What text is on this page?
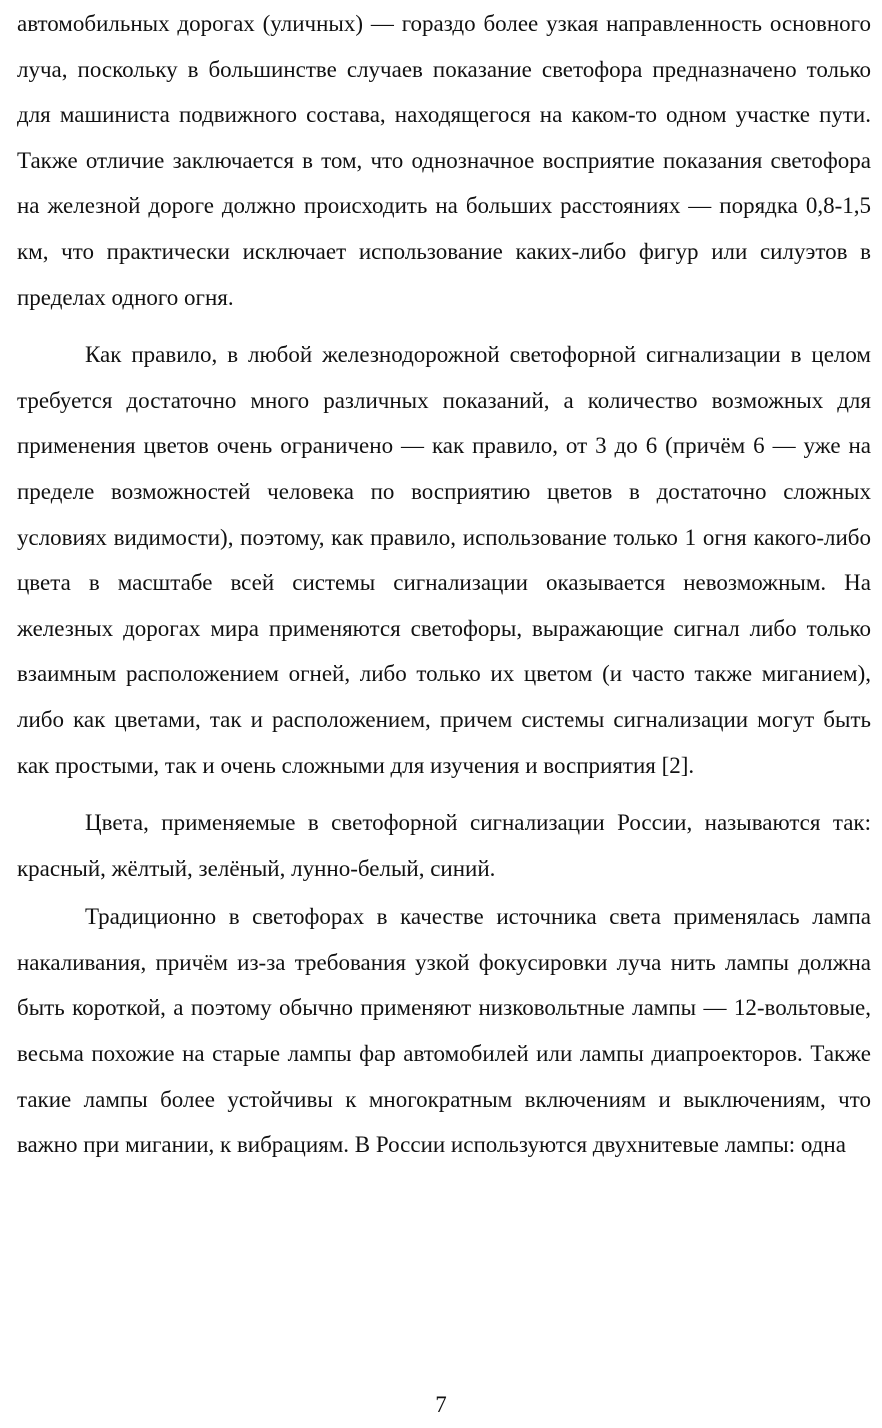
автомобильных дорогах (уличных) — гораздо более узкая направленность основного луча, поскольку в большинстве случаев показание светофора предназначено только для машиниста подвижного состава, находящегося на каком-то одном участке пути. Также отличие заключается в том, что однозначное восприятие показания светофора на железной дороге должно происходить на больших расстояниях — порядка 0,8-1,5 км, что практически исключает использование каких-либо фигур или силуэтов в пределах одного огня.

Как правило, в любой железнодорожной светофорной сигнализации в целом требуется достаточно много различных показаний, а количество возможных для применения цветов очень ограничено — как правило, от 3 до 6 (причём 6 — уже на пределе возможностей человека по восприятию цветов в достаточно сложных условиях видимости), поэтому, как правило, использование только 1 огня какого-либо цвета в масштабе всей системы сигнализации оказывается невозможным. На железных дорогах мира применяются светофоры, выражающие сигнал либо только взаимным расположением огней, либо только их цветом (и часто также миганием), либо как цветами, так и расположением, причем системы сигнализации могут быть как простыми, так и очень сложными для изучения и восприятия [2].

Цвета, применяемые в светофорной сигнализации России, называются так: красный, жёлтый, зелёный, лунно-белый, синий.

Традиционно в светофорах в качестве источника света применялась лампа накаливания, причём из-за требования узкой фокусировки луча нить лампы должна быть короткой, а поэтому обычно применяют низковольтные лампы — 12-вольтовые, весьма похожие на старые лампы фар автомобилей или лампы диапроекторов. Также такие лампы более устойчивы к многократным включениям и выключениям, что важно при мигании, к вибрациям. В России используются двухнитевые лампы: одна

7
